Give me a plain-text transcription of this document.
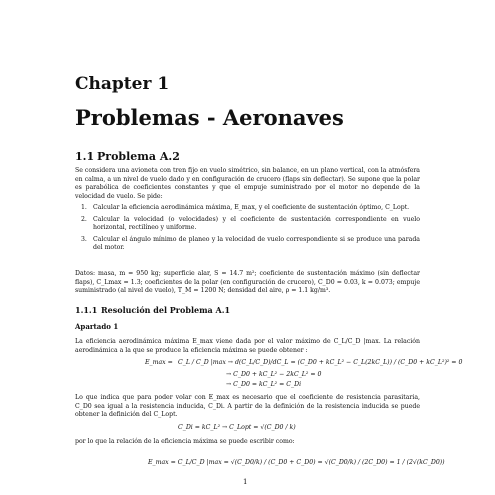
Chapter 1
Problemas - Aeronaves
1.1 Problema A.2
Se considera una avioneta con tren fijo en vuelo simétrico, sin balance, en un plano vertical, con la atmósfera en calma, a un nivel de vuelo dado y en configuración de crucero (flaps sin deflectar). Se supone que la polar es parabólica de coeficientes constantes y que el empuje suministrado por el motor no depende de la velocidad de vuelo. Se pide:
1. Calcular la eficiencia aerodinámica máxima, E_max, y el coeficiente de sustentación óptimo, C_Lopt.
2. Calcular la velocidad (o velocidades) y el coeficiente de sustentación correspondiente en vuelo horizontal, rectilíneo y uniforme.
3. Calcular el ángulo mínimo de planeo y la velocidad de vuelo correspondiente si se produce una parada del motor.
Datos: masa, m = 950 kg; superficie alar, S = 14.7 m²; coeficiente de sustentación máximo (sin deflectar flaps), C_Lmax = 1.3; coeficientes de la polar (en configuración de crucero), C_D0 = 0.03, k = 0.073; empuje suministrado (al nivel de vuelo), T_M = 1200 N; densidad del aire, ρ = 1.1 kg/m³.
1.1.1 Resolución del Problema A.1
Apartado 1
La eficiencia aerodinámica máxima E_max viene dada por el valor máximo de C_L/C_D |max. La relación aerodinámica a la que se produce la eficiencia máxima se puede obtener :
E_max = C_L / C_D |max → d(C_L/C_D)/dC_L = (C_D0 + kC_L² − C_L(2kC_L)) / (C_D0 + kC_L²)² = 0
→ C_D0 + kC_L² − 2kC_L² = 0
→ C_D0 = kC_L² = C_Di
Lo que indica que para poder volar con E_max es necesario que el coeficiente de resistencia parasitaria, C_D0 sea igual a la resistencia inducida, C_Di. A partir de la definición de la resistencia inducida se puede obtener la definición del C_Lopt.
C_Di = kC_L² → C_Lopt = √(C_D0 / k)
por lo que la relación de la eficiencia máxima se puede escribir como:
E_max = C_L/C_D |max = √(C_D0/k) / (C_D0 + C_D0) = √(C_D0/k) / (2C_D0) = 1 / (2√(kC_D0))
1
